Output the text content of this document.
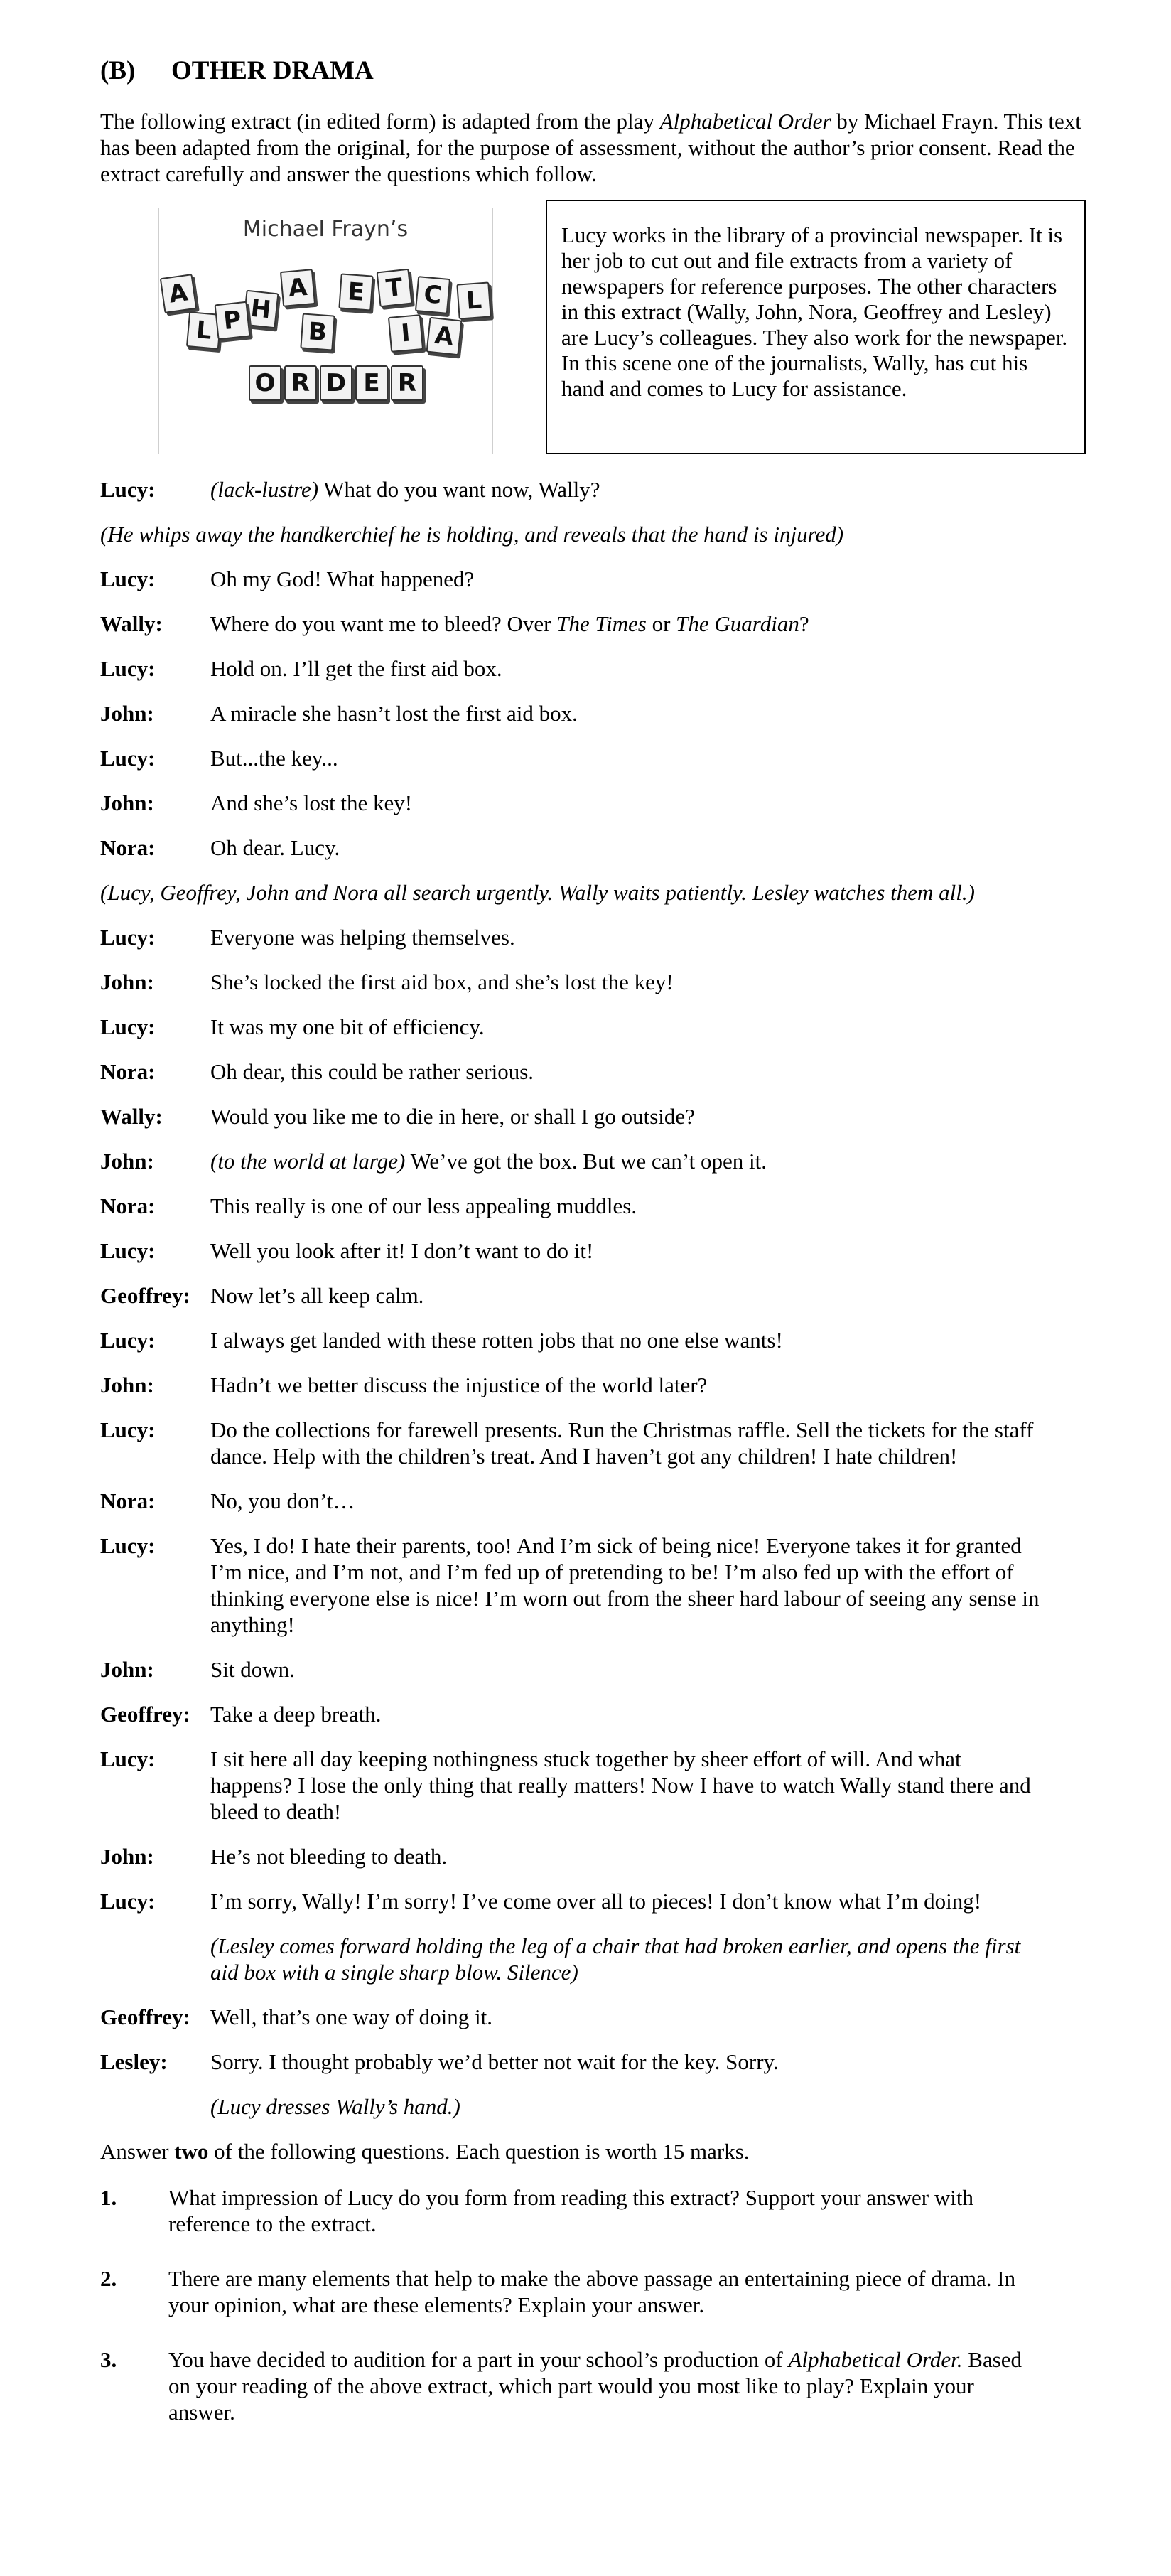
(B) OTHER DRAMA
The following extract (in edited form) is adapted from the play Alphabetical Order by Michael Frayn. This text has been adapted from the original, for the purpose of assessment, without the author’s prior consent. Read the extract carefully and answer the questions which follow.
Michael Frayn’s
A
H
A	E T C L
L P	B	I A
O R D E R

Lucy works in the library of a provincial newspaper. It is her job to cut out and file extracts from a variety of newspapers for reference purposes. The other characters in this extract (Wally, John, Nora, Geoffrey and Lesley) are Lucy’s colleagues. They also work for the newspaper.

In this scene one of the journalists, Wally, has cut his hand and comes to Lucy for assistance.

Lucy:	(lack-lustre) What do you want now, Wally?
(He whips away the handkerchief he is holding, and reveals that the hand is injured)
Lucy:	Oh my God! What happened?
Wally:	Where do you want me to bleed? Over The Times or The Guardian?
Lucy:	Hold on. I’ll get the first aid box.
John:	A miracle she hasn’t lost the first aid box.
Lucy:	But...the key...
John:	And she’s lost the key!
Nora:	Oh dear. Lucy.
(Lucy, Geoffrey, John and Nora all search urgently. Wally waits patiently. Lesley watches them all.)
Lucy:	Everyone was helping themselves.
John:	She’s locked the first aid box, and she’s lost the key!
Lucy:	It was my one bit of efficiency.
Nora:	Oh dear, this could be rather serious.
Wally:	Would you like me to die in here, or shall I go outside?
John:	(to the world at large) We’ve got the box. But we can’t open it.
Nora:	This really is one of our less appealing muddles.
Lucy:	Well you look after it! I don’t want to do it!
Geoffrey: Now let’s all keep calm.
Lucy:	I always get landed with these rotten jobs that no one else wants!
John:	Hadn’t we better discuss the injustice of the world later?
Lucy:	Do the collections for farewell presents. Run the Christmas raffle. Sell the tickets for the staff dance. Help with the children’s treat. And I haven’t got any children! I hate children!
Nora:	No, you don’t…
Lucy:	Yes, I do! I hate their parents, too! And I’m sick of being nice! Everyone takes it for granted I’m nice, and I’m not, and I’m fed up of pretending to be! I’m also fed up with the effort of thinking everyone else is nice! I’m worn out from the sheer hard labour of seeing any sense in anything!
John:	Sit down.
Geoffrey: Take a deep breath.
Lucy:	I sit here all day keeping nothingness stuck together by sheer effort of will. And what happens? I lose the only thing that really matters! Now I have to watch Wally stand there and bleed to death!
John:	He’s not bleeding to death.
Lucy:	I’m sorry, Wally! I’m sorry! I’ve come over all to pieces! I don’t know what I’m doing!
(Lesley comes forward holding the leg of a chair that had broken earlier, and opens the first aid box with a single sharp blow. Silence)
Geoffrey: Well, that’s one way of doing it.
Lesley:	Sorry. I thought probably we’d better not wait for the key. Sorry.
(Lucy dresses Wally’s hand.)
Answer two of the following questions. Each question is worth 15 marks.
1.	What impression of Lucy do you form from reading this extract? Support your answer with reference to the extract.
2.	There are many elements that help to make the above passage an entertaining piece of drama. In your opinion, what are these elements? Explain your answer.
3.	You have decided to audition for a part in your school’s production of Alphabetical Order. Based on your reading of the above extract, which part would you most like to play? Explain your answer.
